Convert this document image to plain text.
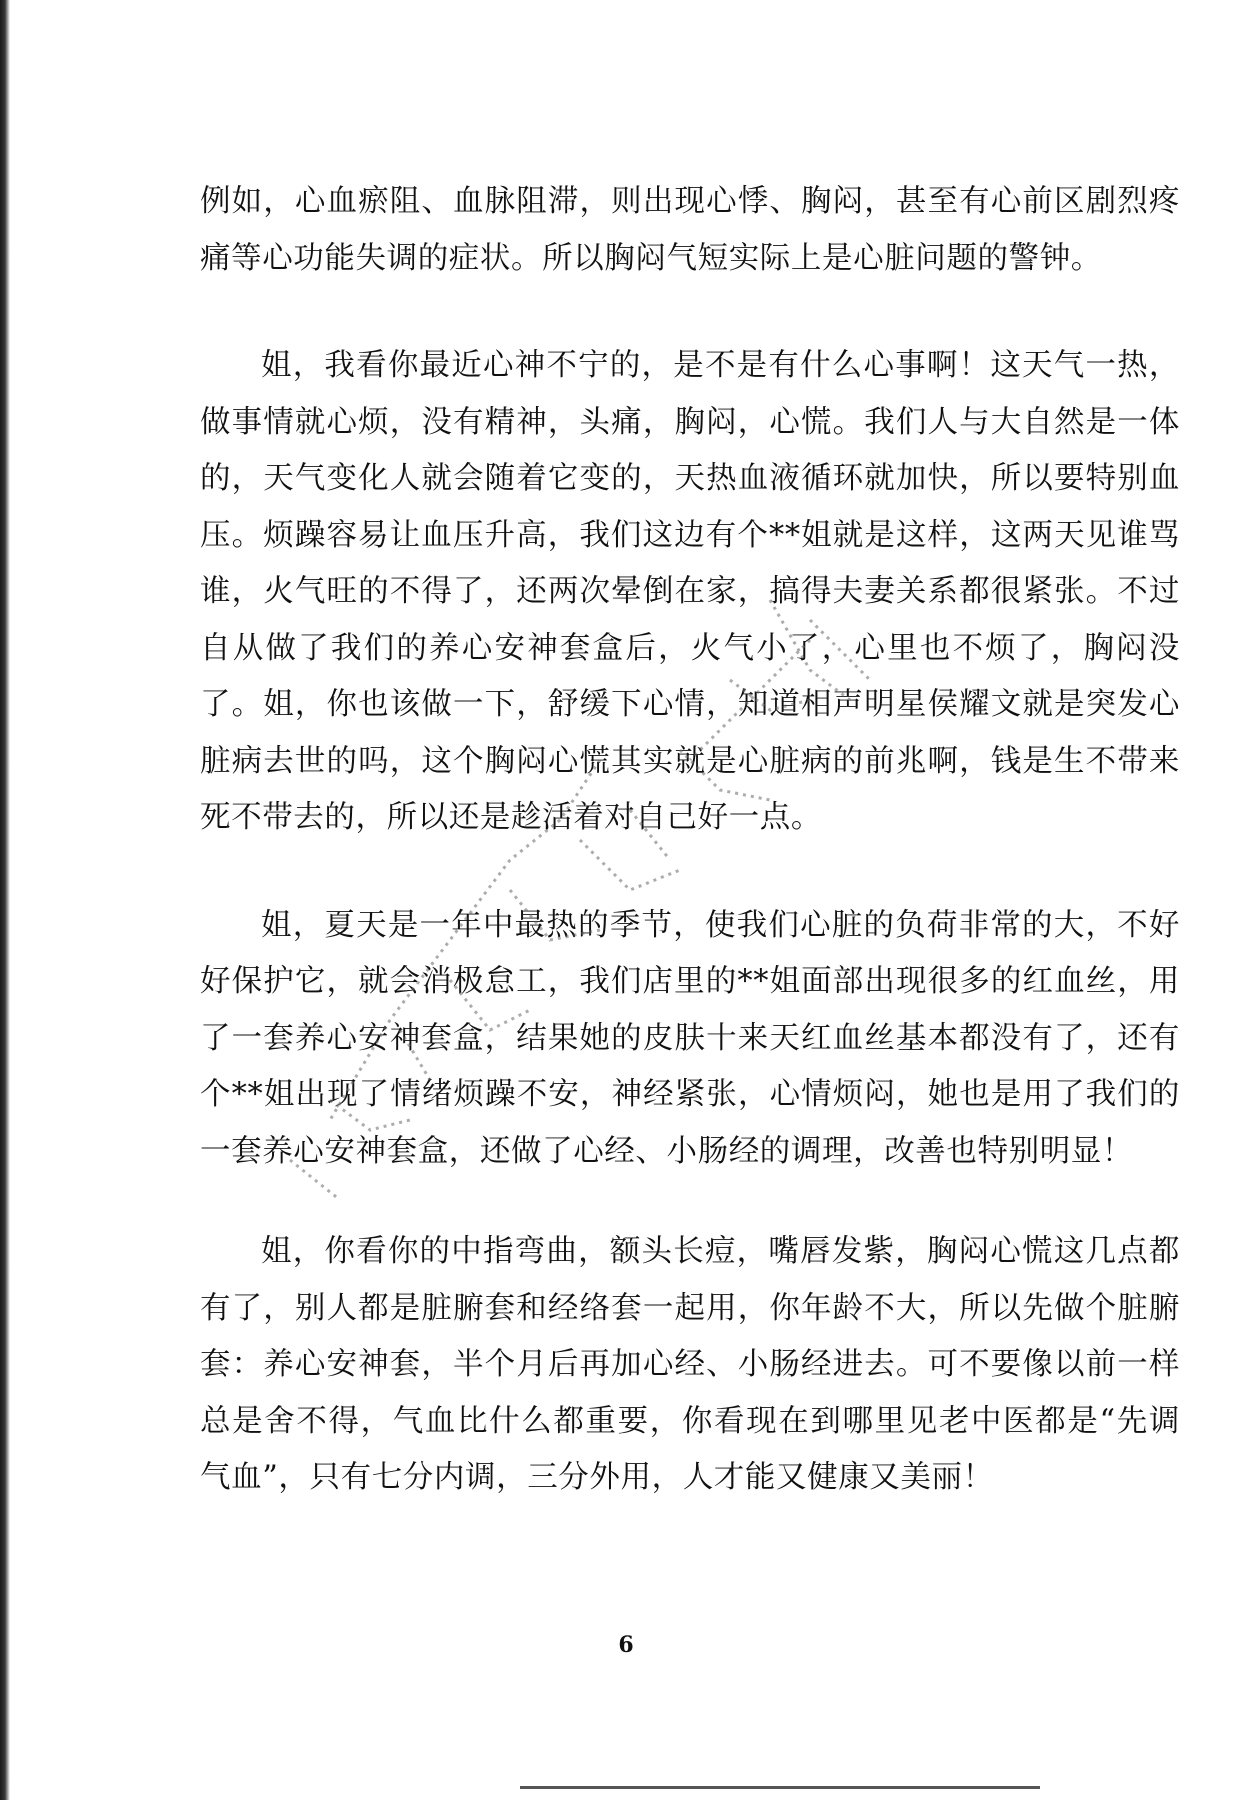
例如，心血瘀阻、血脉阻滞，则出现心悸、胸闷，甚至有心前区剧烈疼痛等心功能失调的症状。所以胸闷气短实际上是心脏问题的警钟。

姐，我看你最近心神不宁的，是不是有什么心事啊！这天气一热，做事情就心烦，没有精神，头痛，胸闷，心慌。我们人与大自然是一体的，天气变化人就会随着它变的，天热血液循环就加快，所以要特别血压。烦躁容易让血压升高，我们这边有个**姐就是这样，这两天见谁骂谁，火气旺的不得了，还两次晕倒在家，搞得夫妻关系都很紧张。不过自从做了我们的养心安神套盒后，火气小了，心里也不烦了，胸闷没了。姐，你也该做一下，舒缓下心情，知道相声明星侯耀文就是突发心脏病去世的吗，这个胸闷心慌其实就是心脏病的前兆啊，钱是生不带来死不带去的，所以还是趁活着对自己好一点。

姐，夏天是一年中最热的季节，使我们心脏的负荷非常的大，不好好保护它，就会消极怠工，我们店里的**姐面部出现很多的红血丝，用了一套养心安神套盒，结果她的皮肤十来天红血丝基本都没有了，还有个**姐出现了情绪烦躁不安，神经紧张，心情烦闷，她也是用了我们的一套养心安神套盒，还做了心经、小肠经的调理，改善也特别明显！

姐，你看你的中指弯曲，额头长痘，嘴唇发紫，胸闷心慌这几点都有了，别人都是脏腑套和经络套一起用，你年龄不大，所以先做个脏腑套：养心安神套，半个月后再加心经、小肠经进去。可不要像以前一样总是舍不得，气血比什么都重要，你看现在到哪里见老中医都是“先调气血”，只有七分内调，三分外用，人才能又健康又美丽！

6
